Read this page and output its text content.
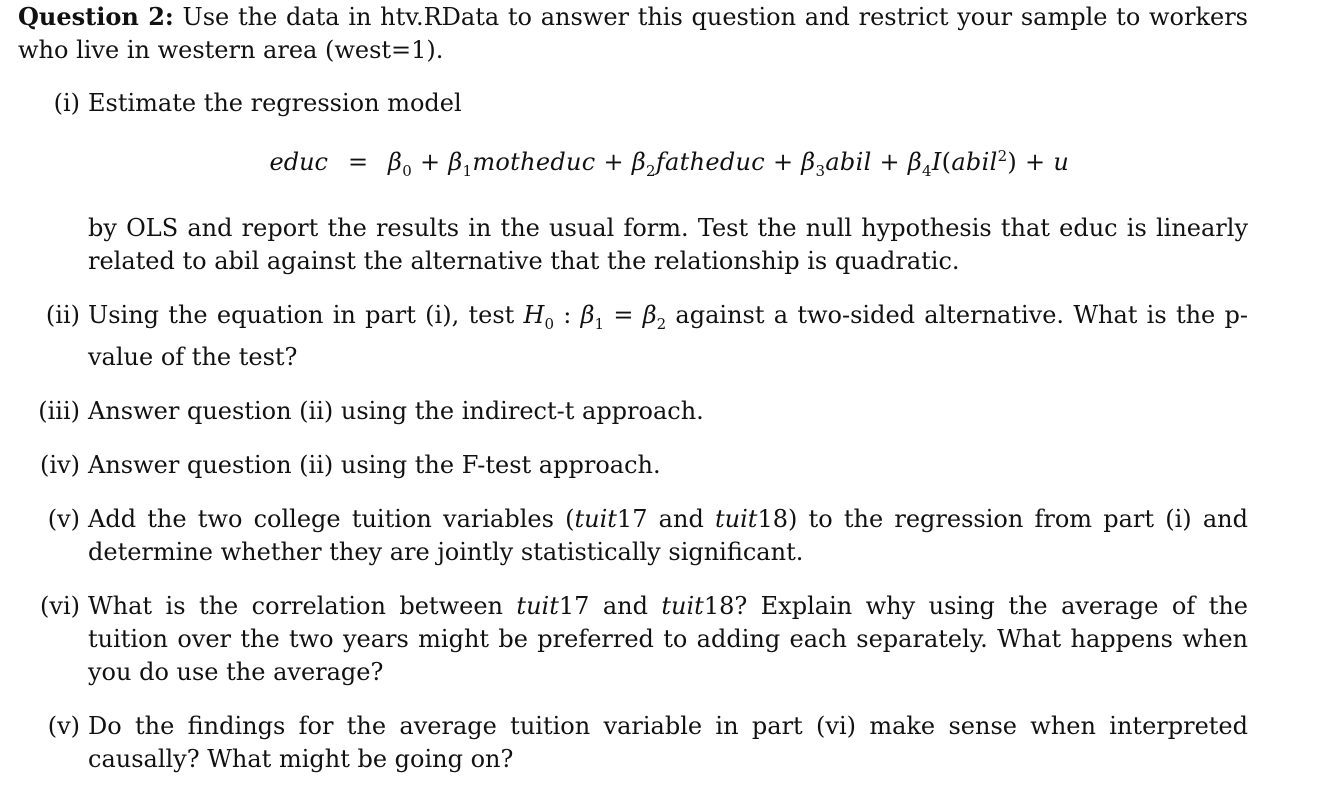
Question 2: Use the data in htv.RData to answer this question and restrict your sample to workers who live in western area (west=1).

(i) Estimate the regression model
educ = $\beta_0$ + $\beta_1motheduc$ + $\beta_2fatheduc$ + $\beta_3abil$ + $\beta_4I(abil^2) + u$
by OLS and report the results in the usual form. Test the null hypothesis that educ is linearly related to abil against the alternative that the relationship is quadratic.
(ii) Using the equation in part (i), test $H_0$ : $\beta_1 = \beta_2$ against a two-sided alternative. What is the p-value of the test?
(iii) Answer question (ii) using the indirect-t approach.
(iv) Answer question (ii) using the F-test approach.
(v) Add the two college tuition variables (tuit17 and tuit18) to the regression from part (i) and determine whether they are jointly statistically significant.
(vi) What is the correlation between tuit17 and tuit18? Explain why using the average of the tuition over the two years might be preferred to adding each separately. What happens when you do use the average?
(v) Do the findings for the average tuition variable in part (vi) make sense when interpreted causally? What might be going on?
